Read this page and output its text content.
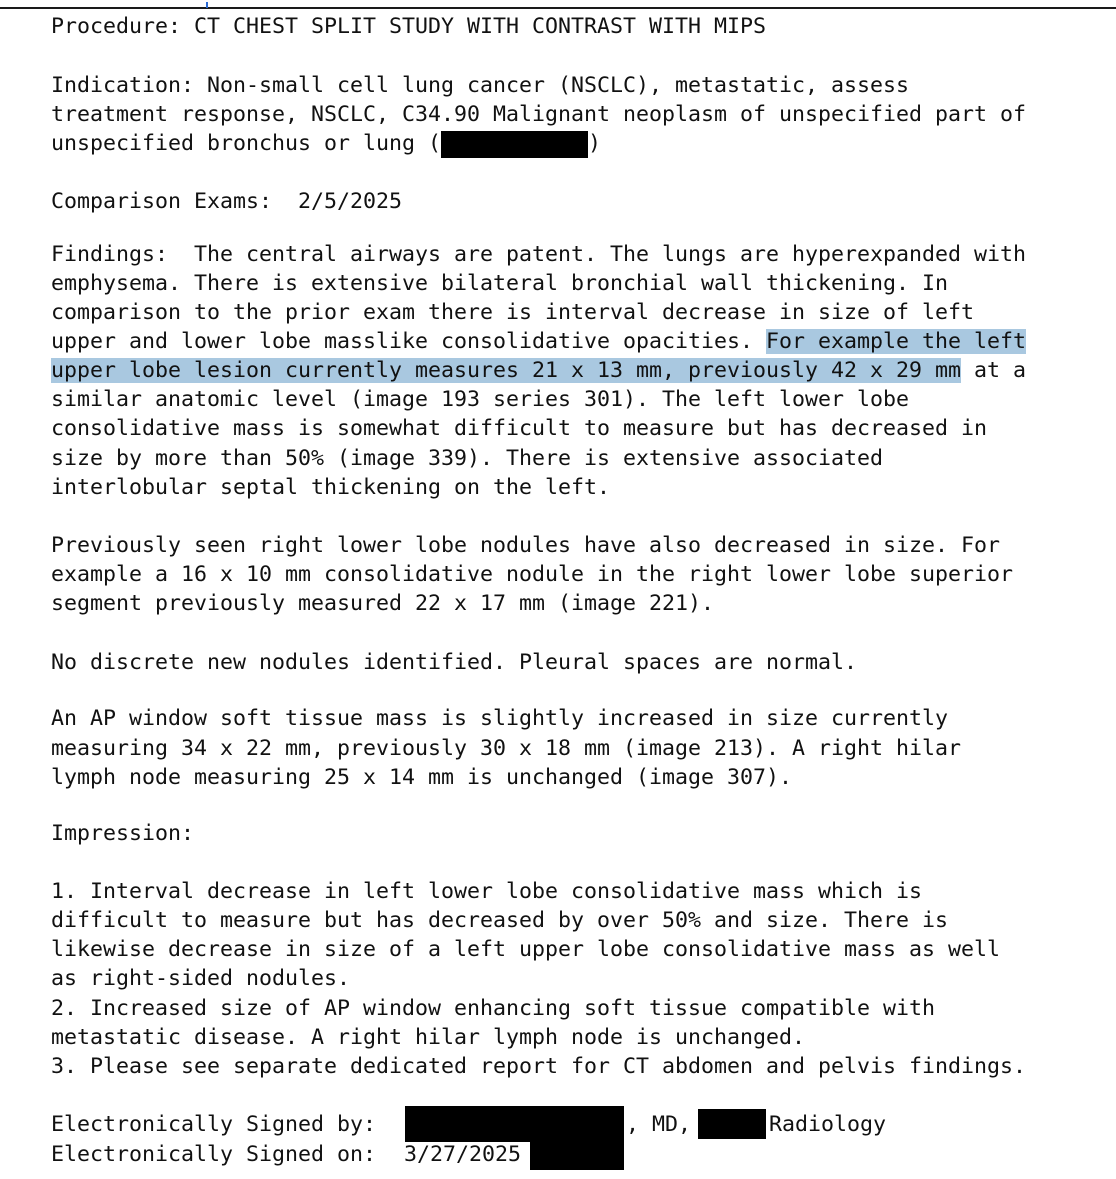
Procedure: CT CHEST SPLIT STUDY WITH CONTRAST WITH MIPS
Indication: Non-small cell lung cancer (NSCLC), metastatic, assess
treatment response, NSCLC, C34.90 Malignant neoplasm of unspecified part of
unspecified bronchus or lung (	)
Comparison Exams:  2/5/2025
Findings:  The central airways are patent. The lungs are hyperexpanded with
emphysema. There is extensive bilateral bronchial wall thickening. In
comparison to the prior exam there is interval decrease in size of left
upper and lower lobe masslike consolidative opacities. For example the left
upper lobe lesion currently measures 21 x 13 mm, previously 42 x 29 mm at a
similar anatomic level (image 193 series 301). The left lower lobe
consolidative mass is somewhat difficult to measure but has decreased in
size by more than 50% (image 339). There is extensive associated
interlobular septal thickening on the left.
Previously seen right lower lobe nodules have also decreased in size. For
example a 16 x 10 mm consolidative nodule in the right lower lobe superior
segment previously measured 22 x 17 mm (image 221).
No discrete new nodules identified. Pleural spaces are normal.
An AP window soft tissue mass is slightly increased in size currently
measuring 34 x 22 mm, previously 30 x 18 mm (image 213). A right hilar
lymph node measuring 25 x 14 mm is unchanged (image 307).
Impression:
1. Interval decrease in left lower lobe consolidative mass which is
difficult to measure but has decreased by over 50% and size. There is
likewise decrease in size of a left upper lobe consolidative mass as well
as right-sided nodules.
2. Increased size of AP window enhancing soft tissue compatible with
metastatic disease. A right hilar lymph node is unchanged.
3. Please see separate dedicated report for CT abdomen and pelvis findings.
Electronically Signed by:	, MD,	Radiology
Electronically Signed on: 3/27/2025
